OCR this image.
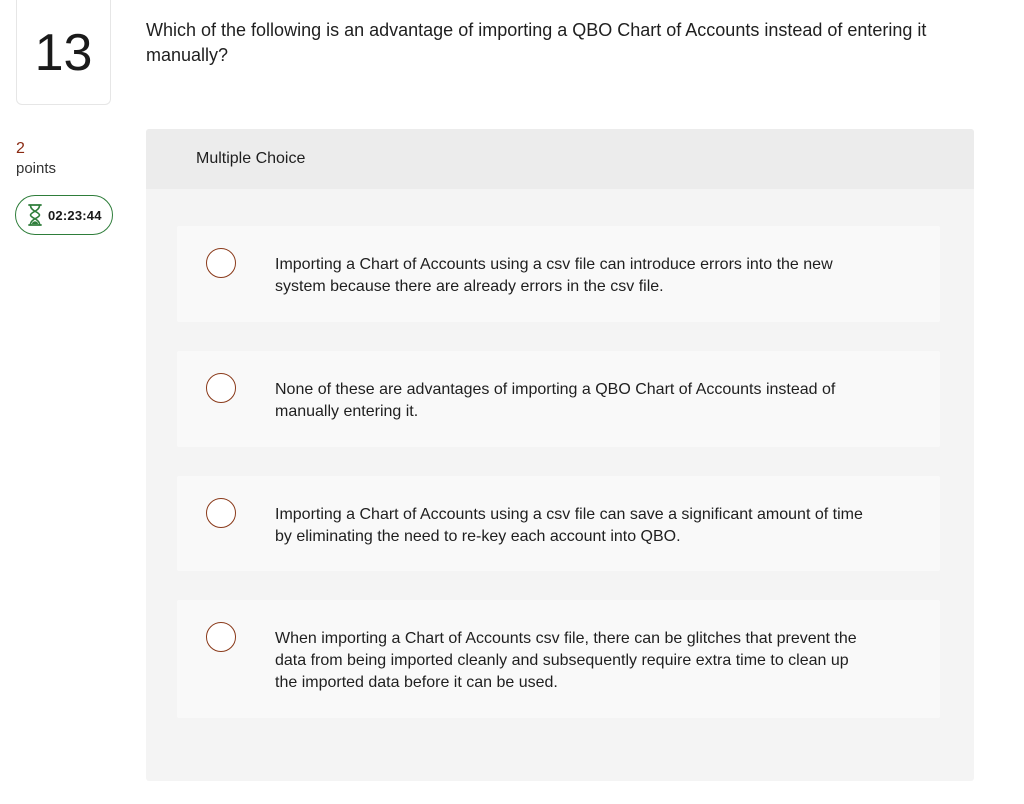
13
2
points
02:23:44
Which of the following is an advantage of importing a QBO Chart of Accounts instead of entering it manually?
Multiple Choice
Importing a Chart of Accounts using a csv file can introduce errors into the new system because there are already errors in the csv file.
None of these are advantages of importing a QBO Chart of Accounts instead of manually entering it.
Importing a Chart of Accounts using a csv file can save a significant amount of time by eliminating the need to re-key each account into QBO.
When importing a Chart of Accounts csv file, there can be glitches that prevent the data from being imported cleanly and subsequently require extra time to clean up the imported data before it can be used.
